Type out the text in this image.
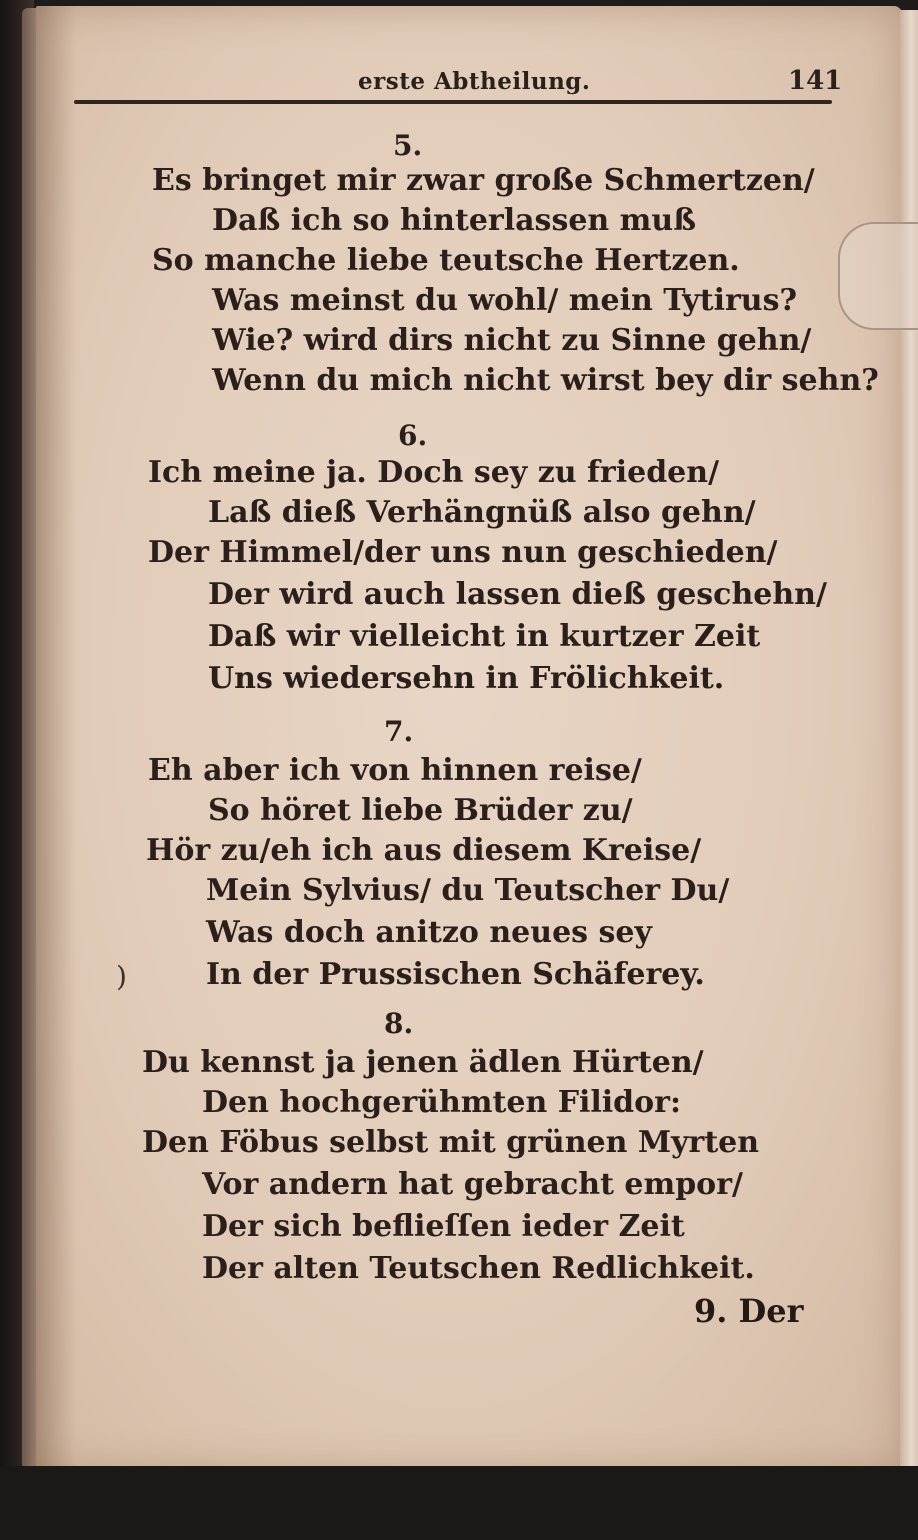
erste Abtheilung.	141
5.
Es bringet mir zwar große Schmertzen/
Daß ich so hinterlassen muß
So manche liebe teutsche Hertzen.
Was meinst du wohl/ mein Tytirus?
Wie? wird dirs nicht zu Sinne gehn/
Wenn du mich nicht wirst bey dir sehn?
6.
Ich meine ja. Doch sey zu frieden/
Laß dieß Verhängnüß also gehn/
Der Himmel/der uns nun geschieden/
Der wird auch lassen dieß geschehn/
Daß wir vielleicht in kurtzer Zeit
Uns wiedersehn in Frölichkeit.
7.
Eh aber ich von hinnen reise/
So höret liebe Brüder zu/
Hör zu/eh ich aus diesem Kreise/
Mein Sylvius/ du Teutscher Du/
Was doch anitzo neues sey
In der Prussischen Schäferey.
8.
Du kennst ja jenen ädlen Hürten/
Den hochgerühmten Filidor:
Den Föbus selbst mit grünen Myrten
Vor andern hat gebracht empor/
Der sich beflieſſen ieder Zeit
Der alten Teutschen Redlichkeit.
)
9. Der
